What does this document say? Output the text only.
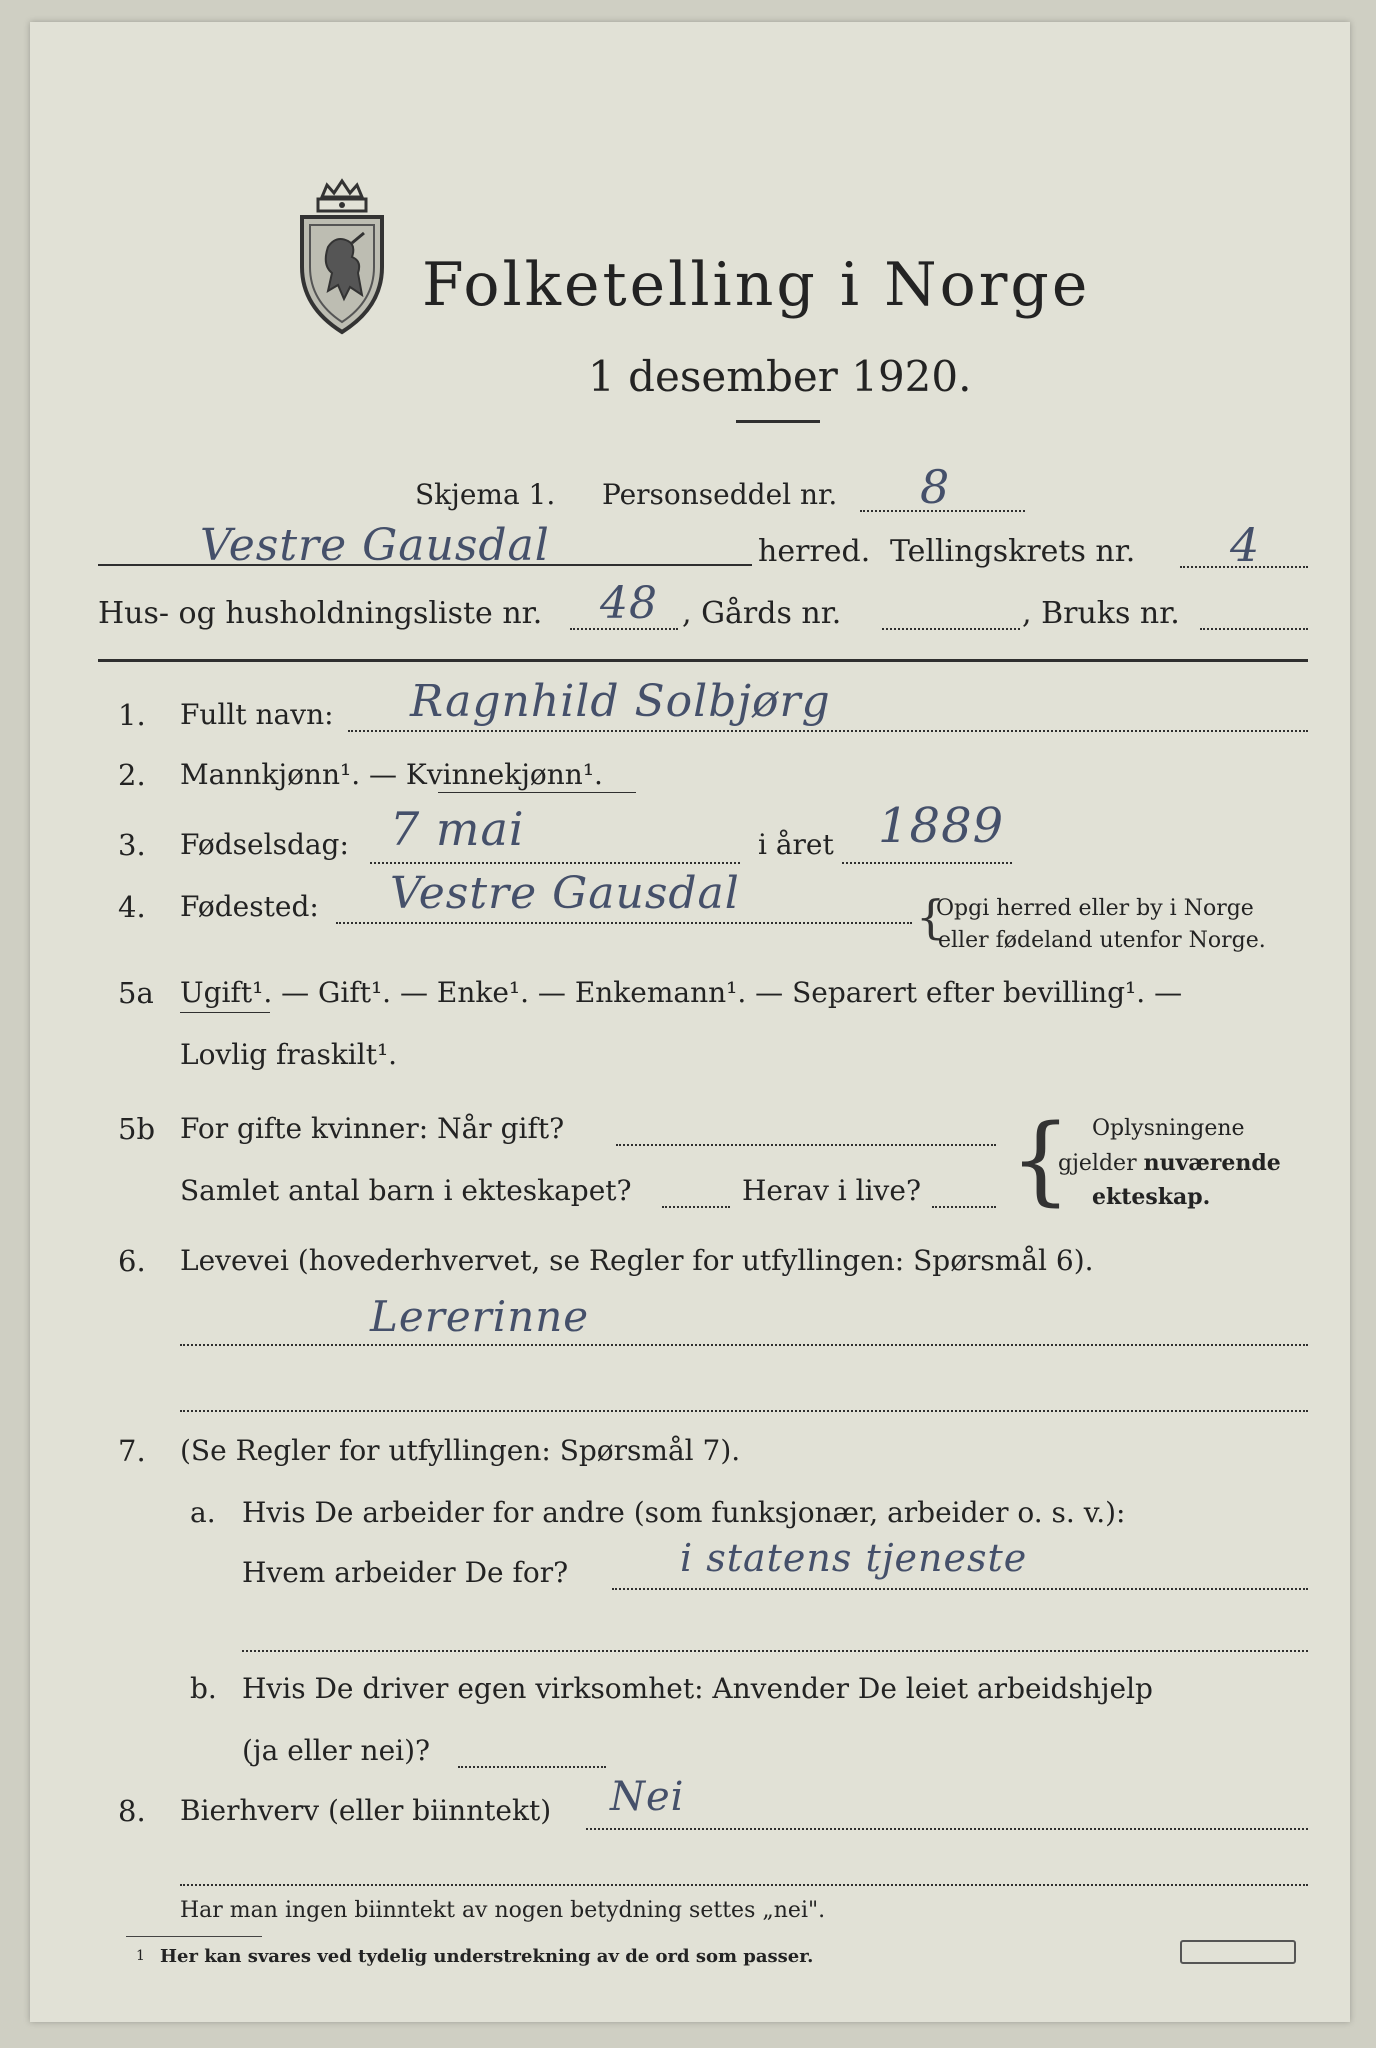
Folketelling i Norge
1 desember 1920.
Skjema 1. Personseddel nr. 8
Vestre Gausdal	herred. Tellingskrets nr. 4
Hus- og husholdningsliste nr. 48 , Gårds nr.	, Bruks nr.
1. Fullt navn: Ragnhild Solbjørg
2. Mannkjønn¹. — Kvinnekjønn¹.
3. Fødselsdag: 7 mai	i året 1889
4. Fødested: Vestre Gausdal	{
Opgi herred eller by i Norge
eller fødeland utenfor Norge.
5a Ugift¹. — Gift¹. — Enke¹. — Enkemann¹. — Separert efter bevilling¹. —
Lovlig fraskilt¹.
5b For gifte kvinner: Når gift?
Samlet antal barn i ekteskapet?	Herav i live? { Oplysningene
gjelder nuværende
ekteskap.
6. Levevei (hovederhvervet, se Regler for utfyllingen: Spørsmål 6).
Lererinne
7. (Se Regler for utfyllingen: Spørsmål 7).
a. Hvis De arbeider for andre (som funksjonær, arbeider o. s. v.):
Hvem arbeider De for?	i statens tjeneste
b. Hvis De driver egen virksomhet: Anvender De leiet arbeidshjelp
(ja eller nei)?
8. Bierhverv (eller biinntekt) Nei
Har man ingen biinntekt av nogen betydning settes „nei".
1 Her kan svares ved tydelig understrekning av de ord som passer.
